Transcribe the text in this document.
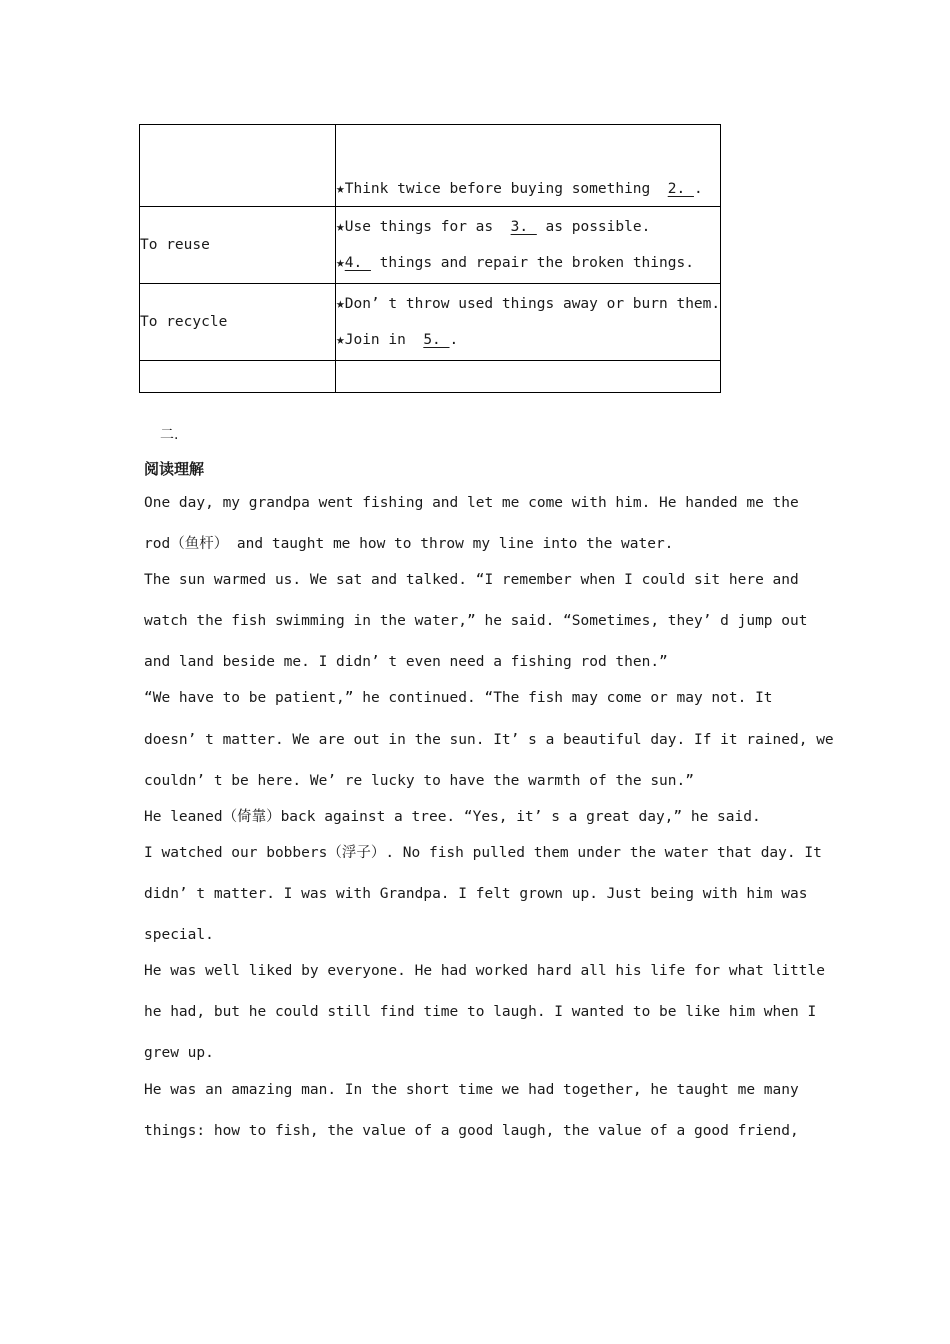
	★Think twice before buying something  2. .

To reuse	★Use things for as  3.  as possible.
★4.  things and repair the broken things.

To recycle	★Don’ t throw used things away or burn them.
★Join in  5. .

二.
阅读理解
One day, my grandpa went fishing and let me come with him. He handed me the
rod（鱼杆） and taught me how to throw my line into the water.
The sun warmed us. We sat and talked. “I remember when I could sit here and
watch the fish swimming in the water,” he said. “Sometimes, they’ d jump out
and land beside me. I didn’ t even need a fishing rod then.”
“We have to be patient,” he continued. “The fish may come or may not. It
doesn’ t matter. We are out in the sun. It’ s a beautiful day. If it rained, we
couldn’ t be here. We’ re lucky to have the warmth of the sun.”
He leaned（倚靠）back against a tree. “Yes, it’ s a great day,” he said.
I watched our bobbers（浮子）. No fish pulled them under the water that day. It
didn’ t matter. I was with Grandpa. I felt grown up. Just being with him was
special.
He was well liked by everyone. He had worked hard all his life for what little
he had, but he could still find time to laugh. I wanted to be like him when I
grew up.
He was an amazing man. In the short time we had together, he taught me many
things: how to fish, the value of a good laugh, the value of a good friend,
